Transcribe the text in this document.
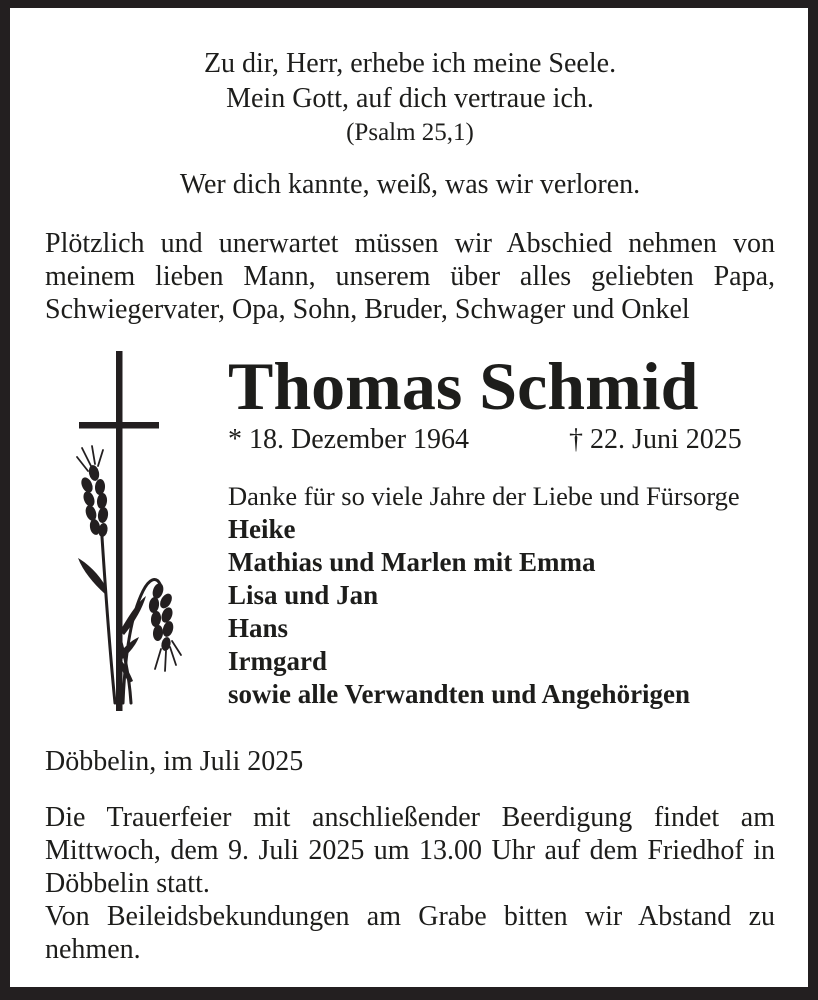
Zu dir, Herr, erhebe ich meine Seele.
Mein Gott, auf dich vertraue ich.
(Psalm 25,1)
Wer dich kannte, weiß, was wir verloren.
Plötzlich und unerwartet müssen wir Abschied nehmen von
meinem lieben Mann, unserem über alles geliebten Papa,
Schwiegervater, Opa, Sohn, Bruder, Schwager und Onkel
Thomas Schmid
* 18. Dezember 1964	† 22. Juni 2025
Danke für so viele Jahre der Liebe und Fürsorge
Heike
Mathias und Marlen mit Emma
Lisa und Jan
Hans
Irmgard
sowie alle Verwandten und Angehörigen
Döbbelin, im Juli 2025
Die Trauerfeier mit anschließender Beerdigung findet am
Mittwoch, dem 9. Juli 2025 um 13.00 Uhr auf dem Friedhof in
Döbbelin statt.
Von Beileidsbekundungen am Grabe bitten wir Abstand zu
nehmen.
